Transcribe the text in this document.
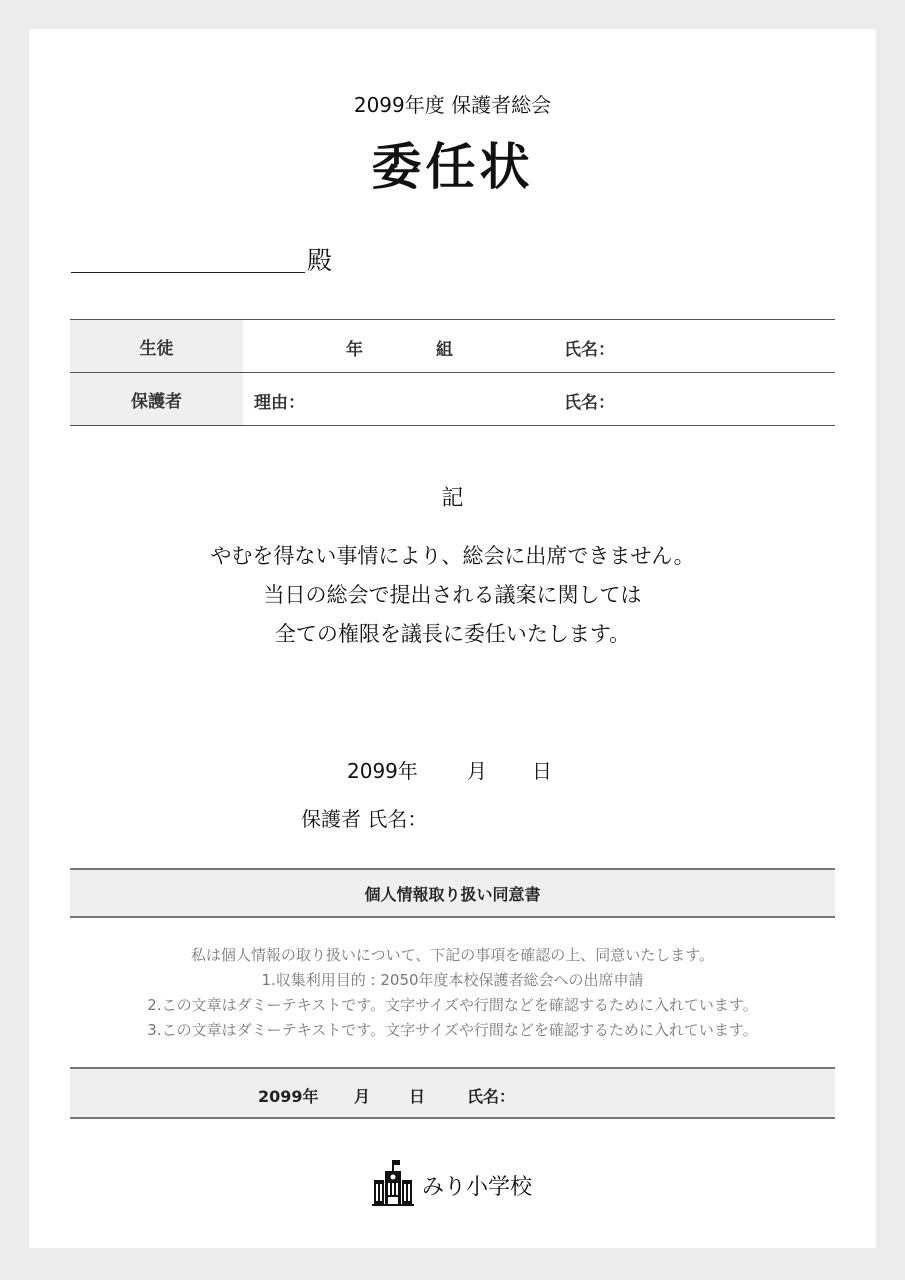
2099年度 保護者総会
委任状
殿
生徒	年	組	氏名：
保護者	理由：	氏名：
記
やむを得ない事情により、総会に出席できません。
当日の総会で提出される議案に関しては
全ての権限を議長に委任いたします。
2099年 月 日
保護者 氏名：
個人情報取り扱い同意書
私は個人情報の取り扱いについて、下記の事項を確認の上、同意いたします。
1.収集利用目的 : 2050年度本校保護者総会への出席申請
2.この文章はダミーテキストです。文字サイズや行間などを確認するために入れています。
3.この文章はダミーテキストです。文字サイズや行間などを確認するために入れています。
2099年 月 日	氏名：
みり小学校
